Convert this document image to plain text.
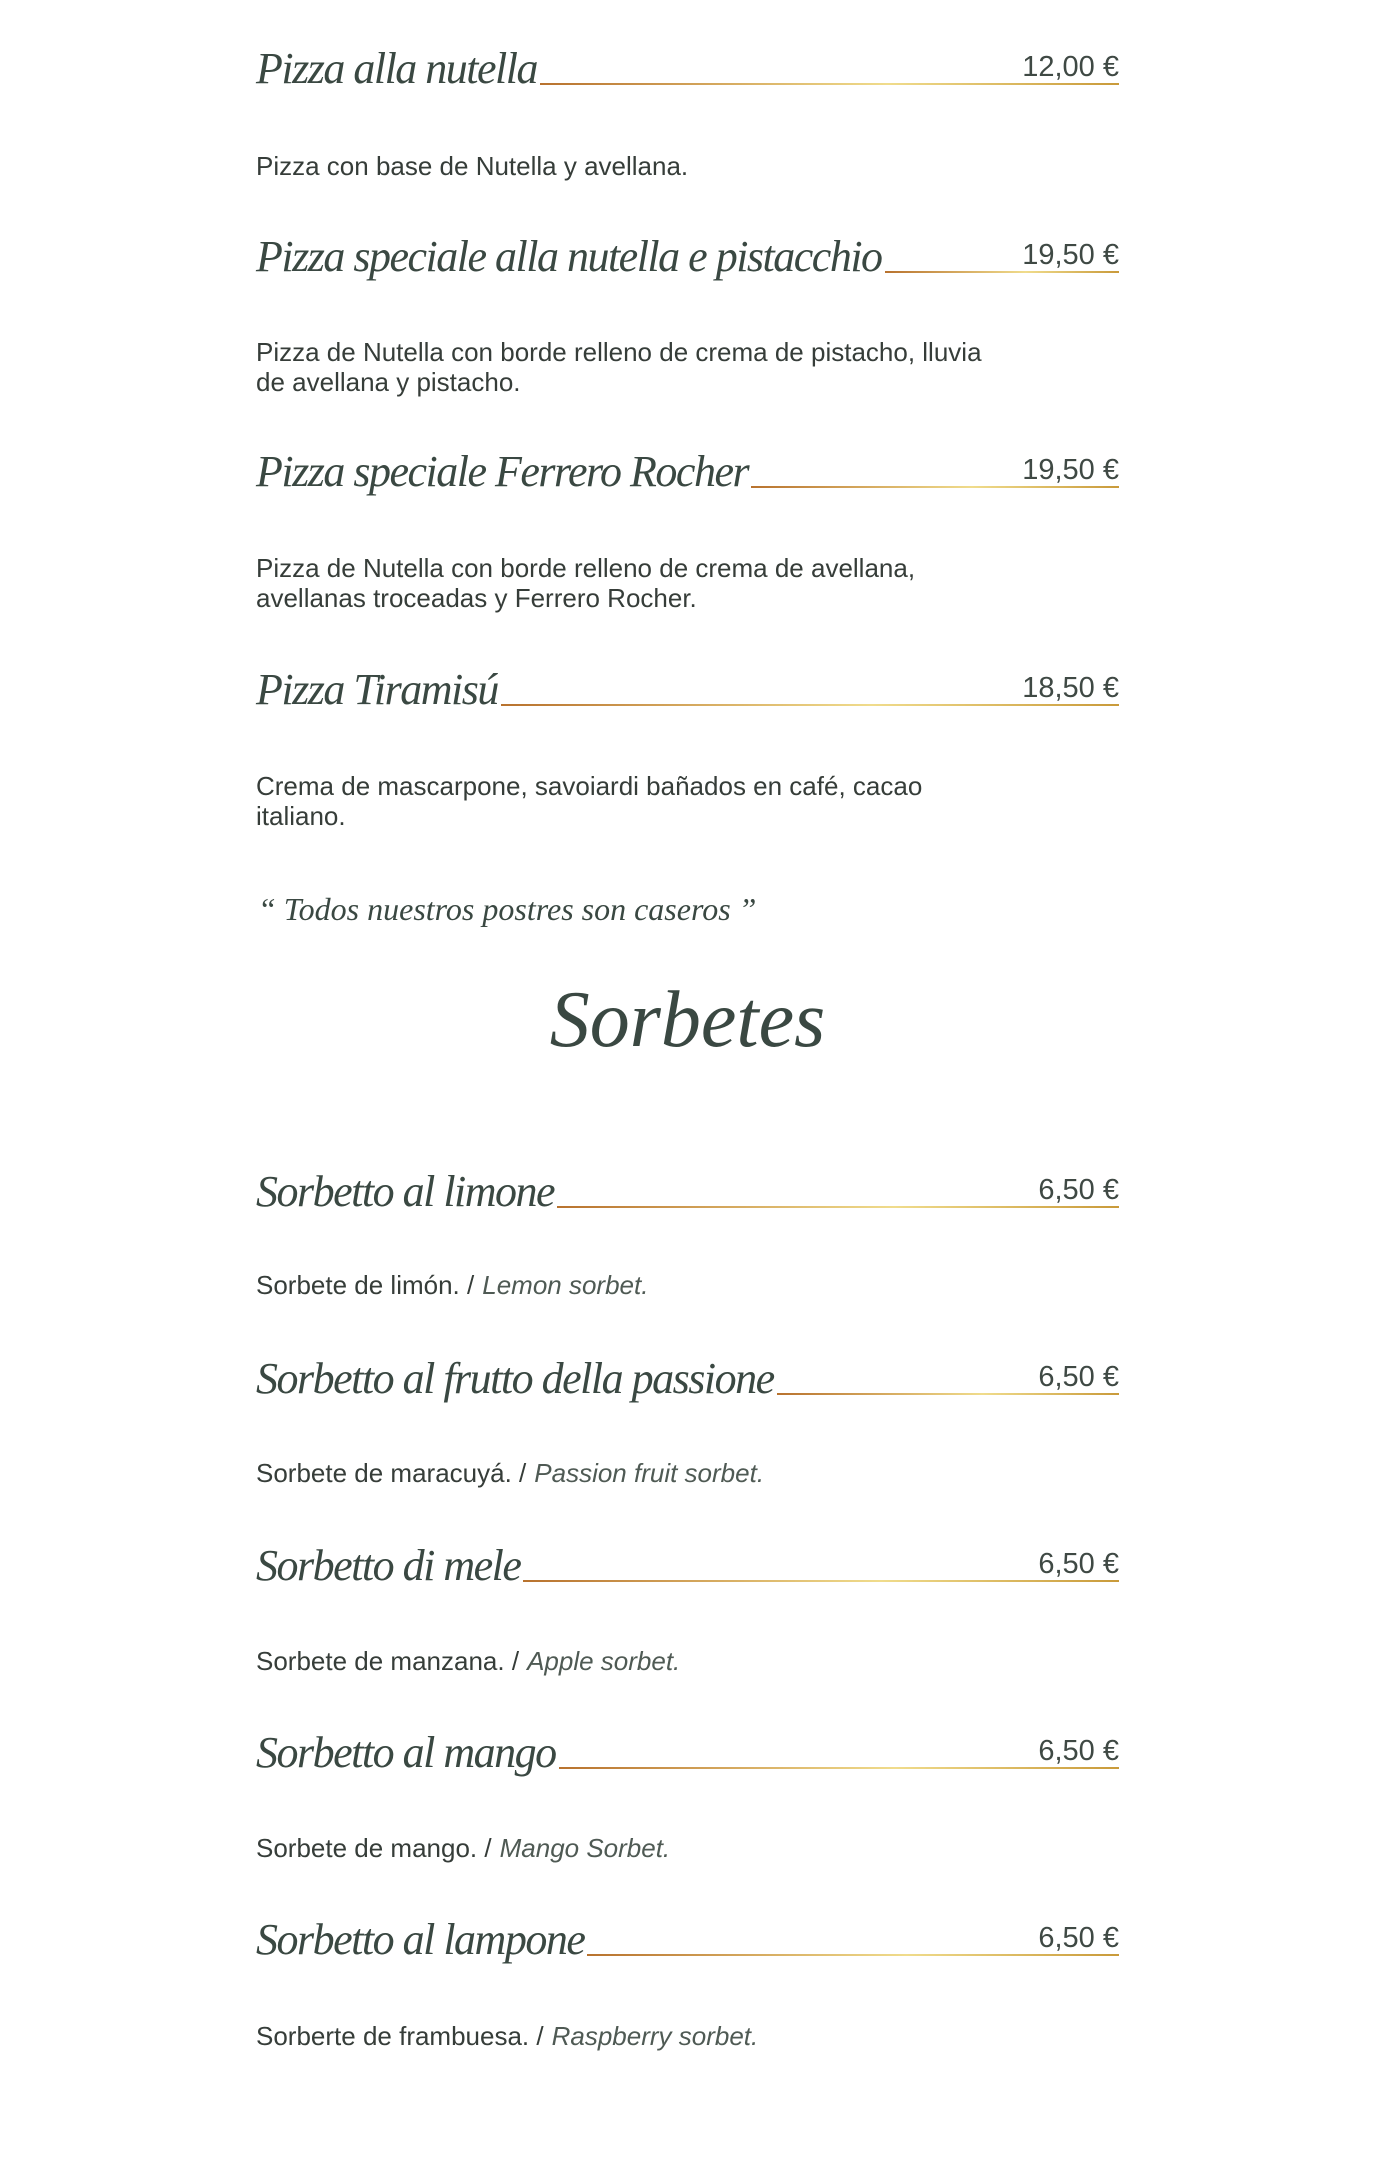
Pizza alla nutella	12,00 €
Pizza con base de Nutella y avellana.
Pizza speciale alla nutella e pistacchio	19,50 €
Pizza de Nutella con borde relleno de crema de pistacho, lluvia
de avellana y pistacho.
Pizza speciale Ferrero Rocher	19,50 €
Pizza de Nutella con borde relleno de crema de avellana,
avellanas troceadas y Ferrero Rocher.
Pizza Tiramisú	18,50 €
Crema de mascarpone, savoiardi bañados en café, cacao
italiano.
“ Todos nuestros postres son caseros ”
Sorbetes
Sorbetto al limone	6,50 €
Sorbete de limón. / Lemon sorbet.
Sorbetto al frutto della passione	6,50 €
Sorbete de maracuyá. / Passion fruit sorbet.
Sorbetto di mele	6,50 €
Sorbete de manzana. / Apple sorbet.
Sorbetto al mango	6,50 €
Sorbete de mango. / Mango Sorbet.
Sorbetto al lampone	6,50 €
Sorberte de frambuesa. / Raspberry sorbet.
